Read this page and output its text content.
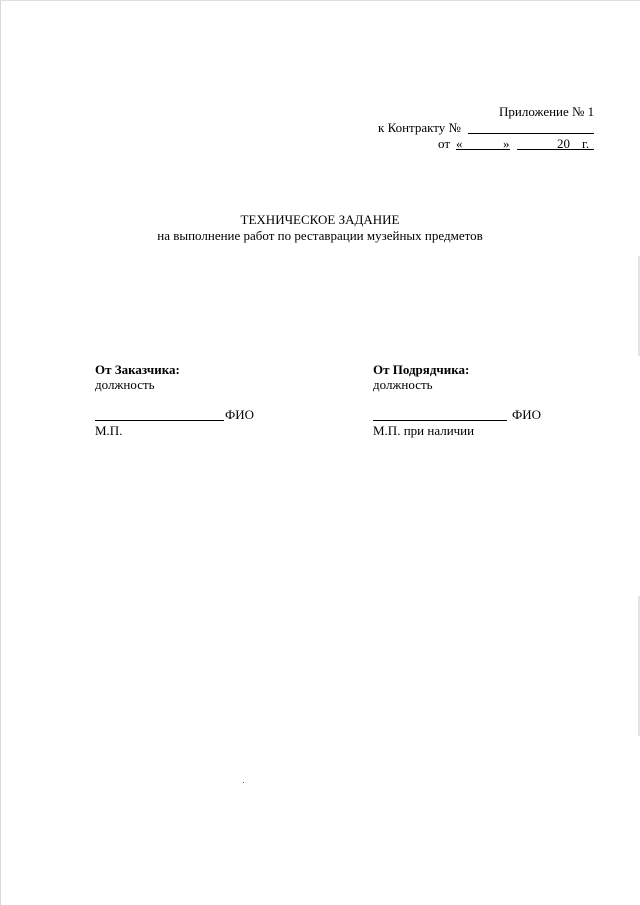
Приложение № 1
к Контракту №
от «	»	20 г.
ТЕХНИЧЕСКОЕ ЗАДАНИЕ
на выполнение работ по реставрации музейных предметов
От Заказчика:
должность
ФИО
М.П.
От Подрядчика:
должность
ФИО
М.П. при наличии
